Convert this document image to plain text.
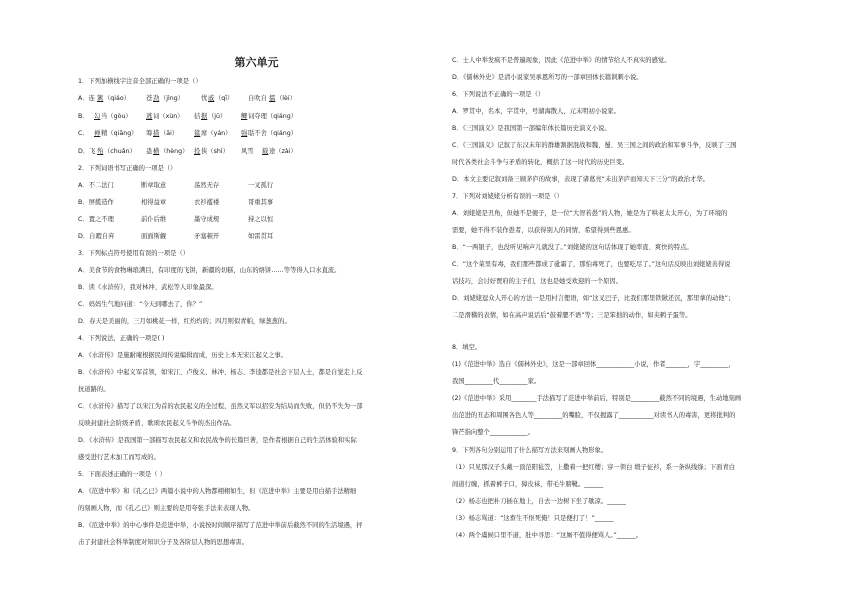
第六单元
1．下列加横线字注音全部正确的一项是（）
A．连 篱 （qiáo）	苍 劲 （jìng）	忧 戚 （qī） 自吹自 擂 （lèi）
B． 勾 当（gòu） 逃 词（xùn） 拮 据 （jū） 鲫 词夺理（qiáng）
C． 禅 精（qiāng） 筹 措 （āi）	筵 席（yán） 强 聒不舍（qiáng）
D．飞 殆 （chuǎn） 蛊 横 （hèng） 投 侠（shì） 风雪 载 途（zài）
2．下列词语书写正确的一项是（）
A．不二法门	断章取意	荡然无存	一叉孤行
B．屏揽造作	相得益章	衣衫褴褛	哥重其事
C．置之不理	前仆后维	墨守成规	持之以恒
D．自暇自弃	面面斯觑	矛塞顿开	如雷贯耳
3．下列标点符号使用有误的一项是（）
A．美食节的食物琳琅满目，有印度的飞饼，新疆的切糕，山东的烙饼……等等得人口水直流。
B．读《水浒传》，我对林冲、武松等人印象最深。
C．妈妈生气地问道：“今天到哪去了，你？”
D．春天是美丽的，三月如桃花一样，红灼灼的；四月则似青帕，绿葱葱的。
4．下列说法，正确的一项是( )
A．《水浒传》是施耐庵根据民间传说编辑而成，历史上本无宋江起义之事。
B．《水浒传》中起义军首领，如宋江、卢俊义、林冲、杨志、李逵都是社会下层人士，都是自觉走上反
抗道路的。
C．《水浒传》描写了以宋江为首的农民起义的全过程，虽然义军以招安为结局而失败，但仍不失为一部
反映封建社会阶级矛盾、歌颂农民起义斗争的杰出作品。
D．《水浒传》是我国第一部描写农民起义和农民战争的长篇巨著，是作者根据自己的生活体验和实际
感受进行艺术加工而写成的。
5．下面表述正确的一项是（ ）
A．《范进中举》和《孔乙已》两篇小说中的人物都栩栩如生，但《范进中举》主要是用白描手法精细
的刻画人物，而《孔乙已》则主要的是用夸张手法来表现人物。
B．《范进中举》的中心事件是范进中举，小说按时间顺序描写了范进中举前后截然不同的生活境遇，抨
击了封建社会科举制度对知识分子及各阶层人物的思想毒害。
C．士人中举发疯不是普遍现象，因此《范进中举》的情节给人不真实的感觉。
D．《儒林外史》是清小说家吴承恩所写的一部章回体长篇讽刺小说。
6．下列说法不正确的一项是（）
A．罗贯中，名本，字贯中，号湖海散人，元末明初小说家。
B．《三国演义》是我国第一部编年体长篇历史演义小说。
C．《三国演义》记叙了东汉末年的群雄割据混战和魏、蜀、吴三国之间的政治和军事斗争，反映了三国
时代各类社会斗争与矛盾的转化，概括了这一时代的历史巨变。
D．本文主要记叙刘备三顾茅庐的故事，表现了诸葛亮“未出茅庐而知天下三分”的政治才华。
7．下列对刘姥姥分析有误的一项是（）
A．刘姥姥是丑角，但她不是傻子，是一位“大智若愚”的人物，她是为了哄老太太开心，为了环境的
需要，她不得不装作愚者，以获得别人的同情，希望得到些恩惠。
B．“一两银子，也没听见响声儿就没了。”刘姥姥的这句话体现了她率直、爽快的特点。
C．“这个菜里有毒，我们那些都成了砒霜了，那怕毒死了，也要吃尽了。”这句话反映出刘姥姥善得说
话技巧，会讨好贾府的主子们，这也是她受欢迎的一个原因。
D．刘姥姥逗众人开心的方法一是用村言俚语，如“这叉巴子，比我们那里铁锨还沉，那里拿的动他”；
二是滑稽的表情，如在高声说话后“鼓着腮不语”等；三是笨拙的动作，如夹鹌子蛋等。
8．填空。
(1)《范进中举》选自《儒林外史》，这是一部章回体____________小说，作者_______，字_________，
我国_________代_________家。
(2)《范进中举》采用________手法描写了范进中举前后，特别是_________截然不同的境遇，生动地刻画
出范进的丑态和周围各色人等_________的嘴脸，不仅揭露了___________对读书人的毒害，更将批判的
锋芒指向整个____________。
9．下列各句分别运用了什么描写方法来刻画人物形象。
（1）只见那汉子头戴一顶范阳毡笠，上撒着一把红缨；穿一领白 缎子征衫，系一条纵线绦；下面青白
间道行缠，抓着裤子口，獐皮袜，带毛牛膀靴。______
（2）杨志也把朴刀插在地上，自去一边树下坐了歇凉。______
（3）杨志骂道：“这畜生不怄死俺！只是便打了！”______
（4）两个虞候口里不道，肚中寻思：“这厮不值得便骂人。”______。
